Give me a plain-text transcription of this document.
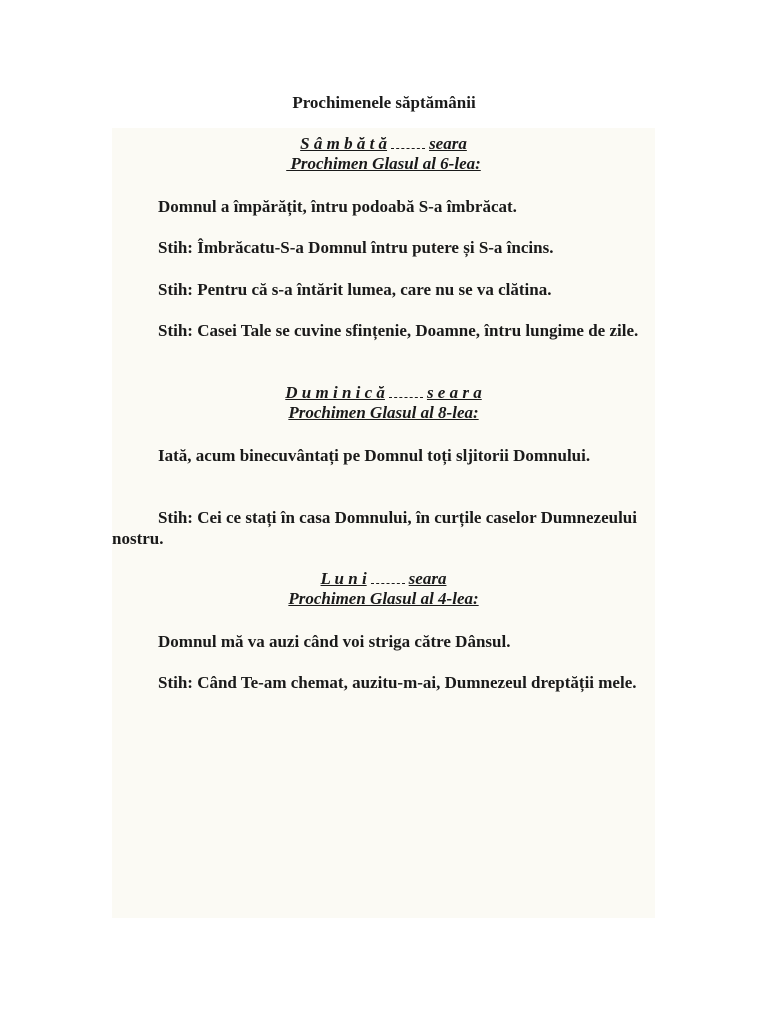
Prochimenele săptămânii
S â m b ă t ă seara
Prochimen Glasul al 6-lea:
Domnul a împărățit, întru podoabă S-a îmbrăcat.
Stih: Îmbrăcatu-S-a Domnul întru putere și S-a încins.
Stih: Pentru că s-a întărit lumea, care nu se va clătina.
Stih: Casei Tale se cuvine sfințenie, Doamne, întru lungime de zile.
D u m i n i c ă s e a r a
Prochimen Glasul al 8-lea:
Iată, acum binecuvântați pe Domnul toți sljitorii Domnului.
Stih: Cei ce stați în casa Domnului, în curțile caselor Dumnezeului nostru.
L u n i seara
Prochimen Glasul al 4-lea:
Domnul mă va auzi când voi striga către Dânsul.
Stih: Când Te-am chemat, auzitu-m-ai, Dumnezeul dreptății mele.
